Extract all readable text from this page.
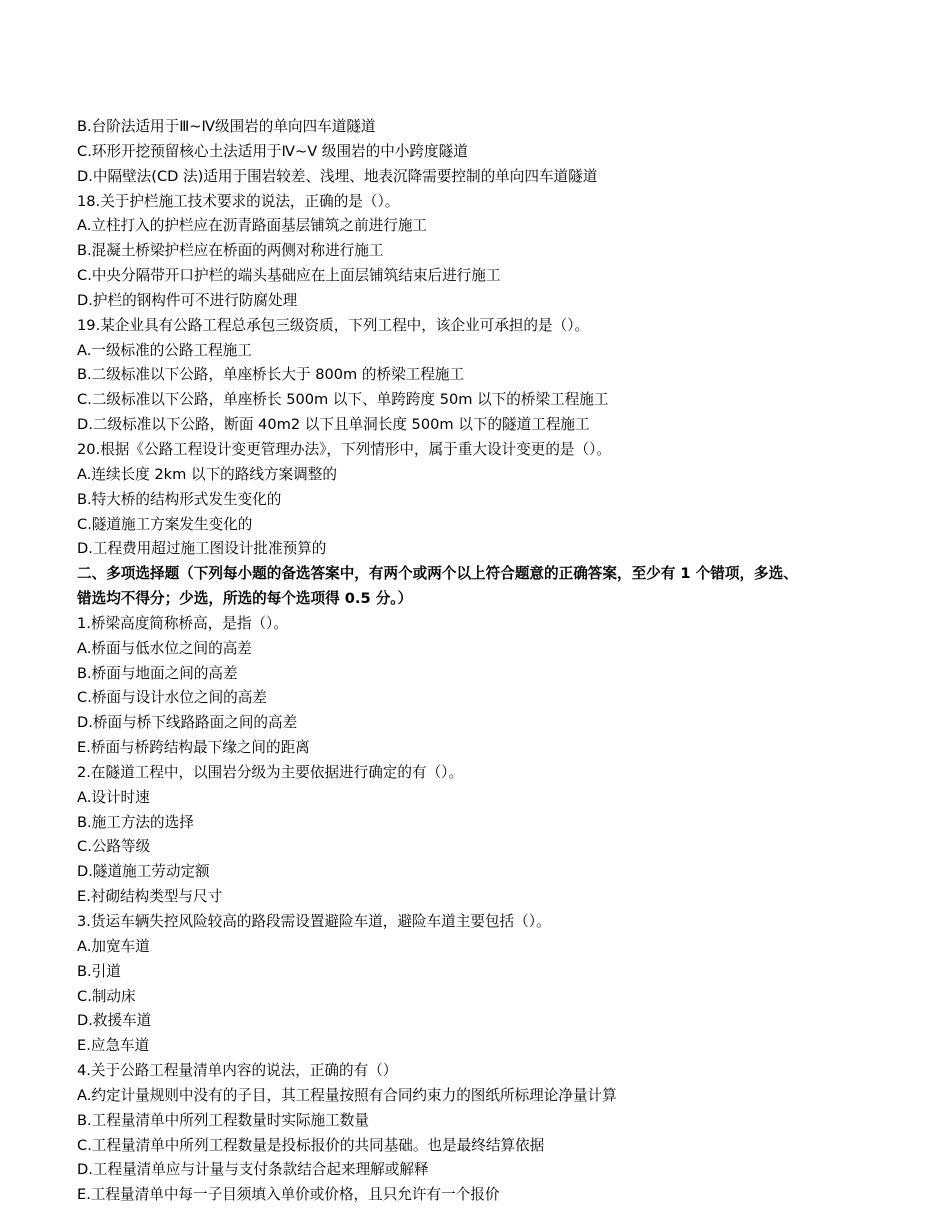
B.台阶法适用于Ⅲ~Ⅳ级围岩的单向四车道隧道
C.环形开挖预留核心土法适用于Ⅳ~Ⅴ 级围岩的中小跨度隧道
D.中隔壁法(CD 法)适用于围岩较差、浅埋、地表沉降需要控制的单向四车道隧道
18.关于护栏施工技术要求的说法，正确的是（）。
A.立柱打入的护栏应在沥青路面基层铺筑之前进行施工
B.混凝土桥梁护栏应在桥面的两侧对称进行施工
C.中央分隔带开口护栏的端头基础应在上面层铺筑结束后进行施工
D.护栏的钢构件可不进行防腐处理
19.某企业具有公路工程总承包三级资质，下列工程中，该企业可承担的是（）。
A.一级标准的公路工程施工
B.二级标准以下公路，单座桥长大于 800m 的桥梁工程施工
C.二级标准以下公路，单座桥长 500m 以下、单跨跨度 50m 以下的桥梁工程施工
D.二级标准以下公路，断面 40m2 以下且单洞长度 500m 以下的隧道工程施工
20.根据《公路工程设计变更管理办法》，下列情形中，属于重大设计变更的是（）。
A.连续长度 2km 以下的路线方案调整的
B.特大桥的结构形式发生变化的
C.隧道施工方案发生变化的
D.工程费用超过施工图设计批准预算的
二、多项选择题（下列每小题的备选答案中，有两个或两个以上符合题意的正确答案，至少有 1 个错项，多选、
错选均不得分；少选，所选的每个选项得 0.5 分。）
1.桥梁高度简称桥高，是指（）。
A.桥面与低水位之间的高差
B.桥面与地面之间的高差
C.桥面与设计水位之间的高差
D.桥面与桥下线路路面之间的高差
E.桥面与桥跨结构最下缘之间的距离
2.在隧道工程中，以围岩分级为主要依据进行确定的有（）。
A.设计时速
B.施工方法的选择
C.公路等级
D.隧道施工劳动定额
E.衬砌结构类型与尺寸
3.货运车辆失控风险较高的路段需设置避险车道，避险车道主要包括（）。
A.加宽车道
B.引道
C.制动床
D.救援车道
E.应急车道
4.关于公路工程量清单内容的说法，正确的有（）
A.约定计量规则中没有的子目，其工程量按照有合同约束力的图纸所标理论净量计算
B.工程量清单中所列工程数量时实际施工数量
C.工程量清单中所列工程数量是投标报价的共同基础。也是最终结算依据
D.工程量清单应与计量与支付条款结合起来理解或解释
E.工程量清单中每一子目须填入单价或价格，且只允许有一个报价
